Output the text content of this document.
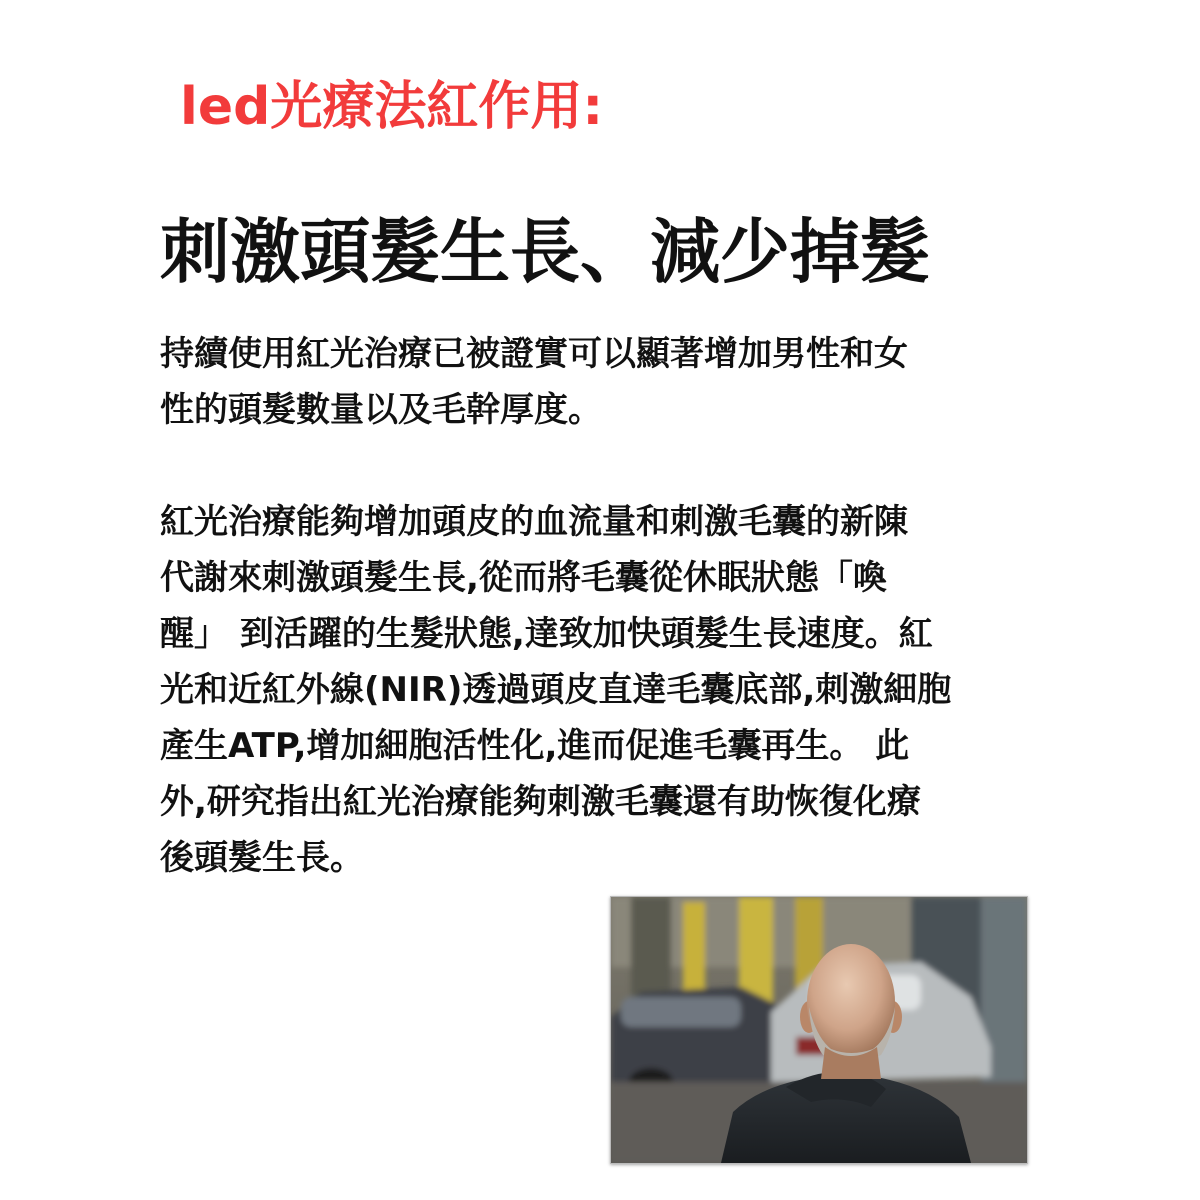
led光療法紅作用:
刺激頭髮生長、減少掉髮

持續使用紅光治療已被證實可以顯著增加男性和女
性的頭髮數量以及毛幹厚度。

紅光治療能夠增加頭皮的血流量和刺激毛囊的新陳
代謝來刺激頭髮生長,從而將毛囊從休眠狀態「喚
醒」 到活躍的生髮狀態,達致加快頭髮生長速度。紅
光和近紅外線(NIR)透過頭皮直達毛囊底部,刺激細胞
產生ATP,增加細胞活性化,進而促進毛囊再生。 此
外,研究指出紅光治療能夠刺激毛囊還有助恢復化療
後頭髮生長。
